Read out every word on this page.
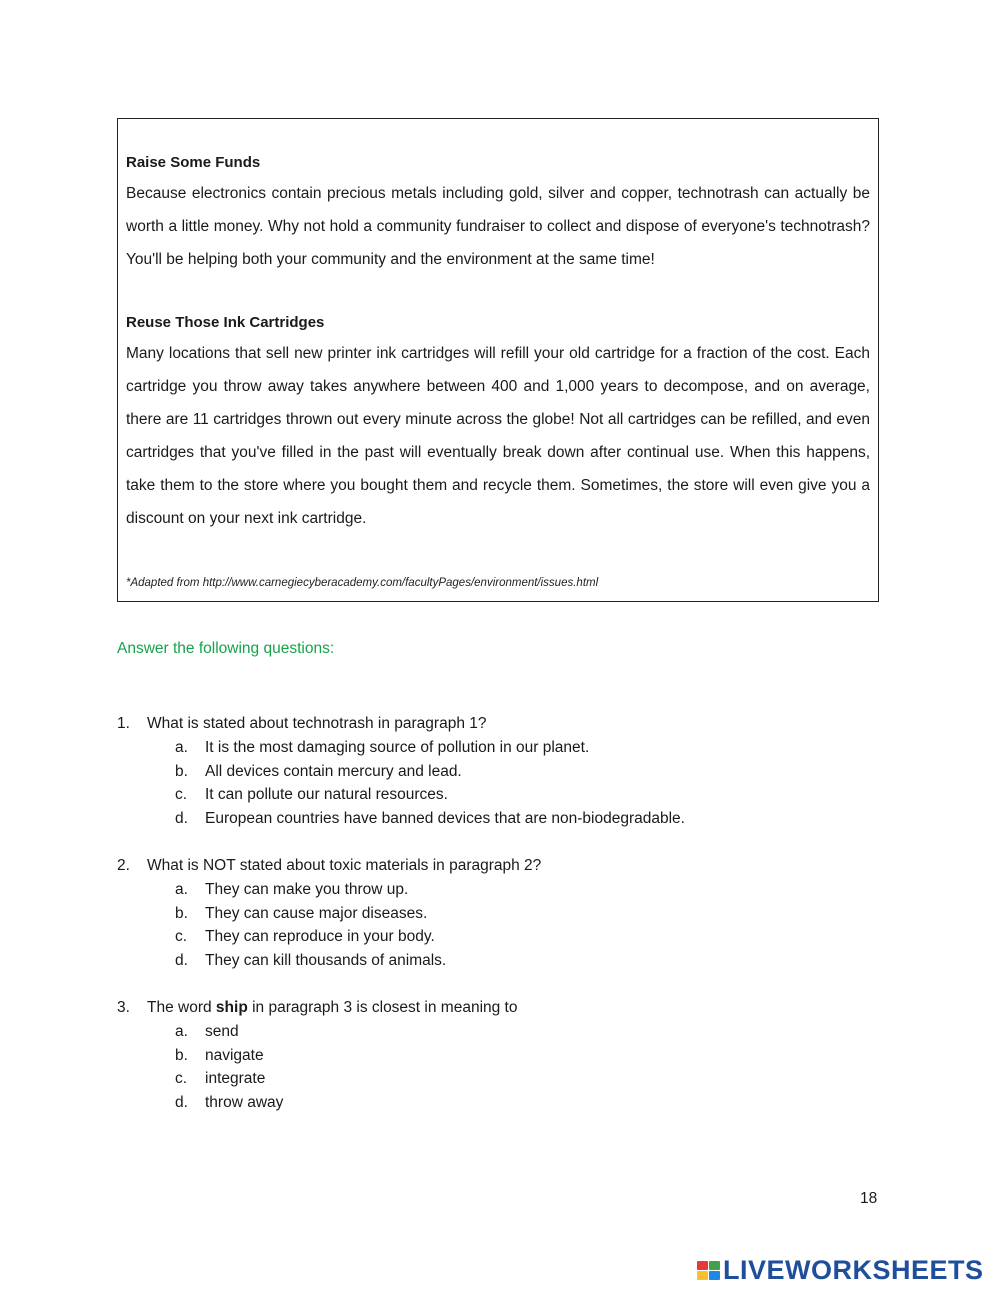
Raise Some Funds

Because electronics contain precious metals including gold, silver and copper, technotrash can actually be worth a little money. Why not hold a community fundraiser to collect and dispose of everyone's technotrash? You'll be helping both your community and the environment at the same time!

Reuse Those Ink Cartridges

Many locations that sell new printer ink cartridges will refill your old cartridge for a fraction of the cost. Each cartridge you throw away takes anywhere between 400 and 1,000 years to decompose, and on average, there are 11 cartridges thrown out every minute across the globe! Not all cartridges can be refilled, and even cartridges that you've filled in the past will eventually break down after continual use. When this happens, take them to the store where you bought them and recycle them. Sometimes, the store will even give you a discount on your next ink cartridge.

*Adapted from http://www.carnegiecyberacademy.com/facultyPages/environment/issues.html
Answer the following questions:
1.	What is stated about technotrash in paragraph 1?
a.	It is the most damaging source of pollution in our planet.
b.	All devices contain mercury and lead.
c.	It can pollute our natural resources.
d.	European countries have banned devices that are non-biodegradable.
2.	What is NOT stated about toxic materials in paragraph 2?
a.	They can make you throw up.
b.	They can cause major diseases.
c.	They can reproduce in your body.
d.	They can kill thousands of animals.
3.	The word ship in paragraph 3 is closest in meaning to
a.	send
b.	navigate
c.	integrate
d.	throw away
18
LIVEWORKSHEETS
